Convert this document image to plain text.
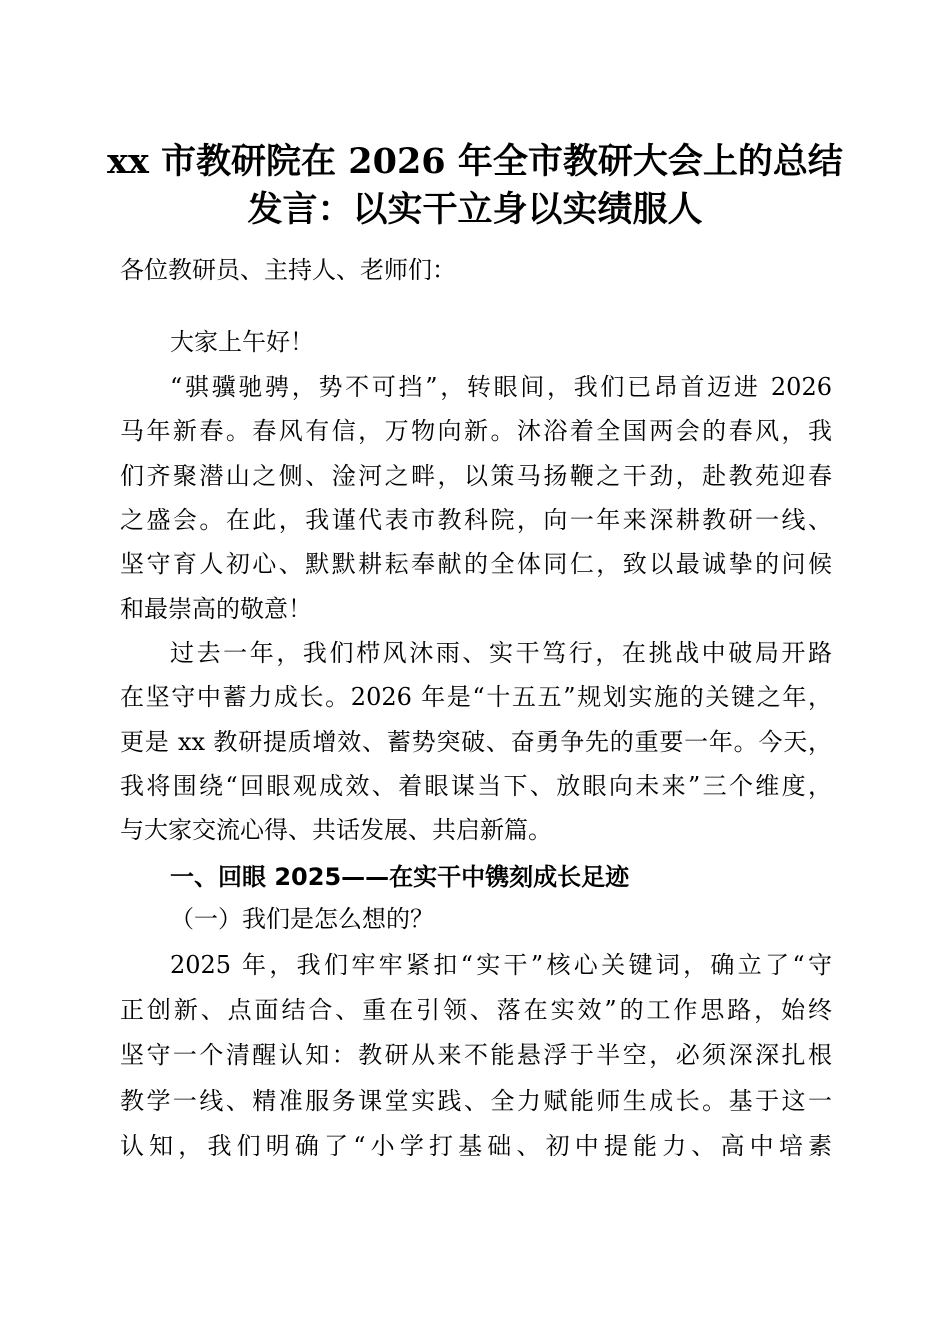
xx 市教研院在 2026 年全市教研大会上的总结
发言：以实干立身以实绩服人
各位教研员、主持人、老师们：
大家上午好！
“骐骥驰骋，势不可挡”，转眼间，我们已昂首迈进 2026
马年新春。春风有信，万物向新。沐浴着全国两会的春风，我
们齐聚潜山之侧、淦河之畔，以策马扬鞭之干劲，赴教苑迎春
之盛会。在此，我谨代表市教科院，向一年来深耕教研一线、
坚守育人初心、默默耕耘奉献的全体同仁，致以最诚挚的问候
和最崇高的敬意！
过去一年，我们栉风沐雨、实干笃行，在挑战中破局开路
在坚守中蓄力成长。2026 年是“十五五”规划实施的关键之年，
更是 xx 教研提质增效、蓄势突破、奋勇争先的重要一年。今天，
我将围绕“回眼观成效、着眼谋当下、放眼向未来”三个维度，
与大家交流心得、共话发展、共启新篇。
一、回眼 2025——在实干中镌刻成长足迹
（一）我们是怎么想的？
2025 年，我们牢牢紧扣“实干”核心关键词，确立了“守
正创新、点面结合、重在引领、落在实效”的工作思路，始终
坚守一个清醒认知：教研从来不能悬浮于半空，必须深深扎根
教学一线、精准服务课堂实践、全力赋能师生成长。基于这一
认知，我们明确了“小学打基础、初中提能力、高中培素
